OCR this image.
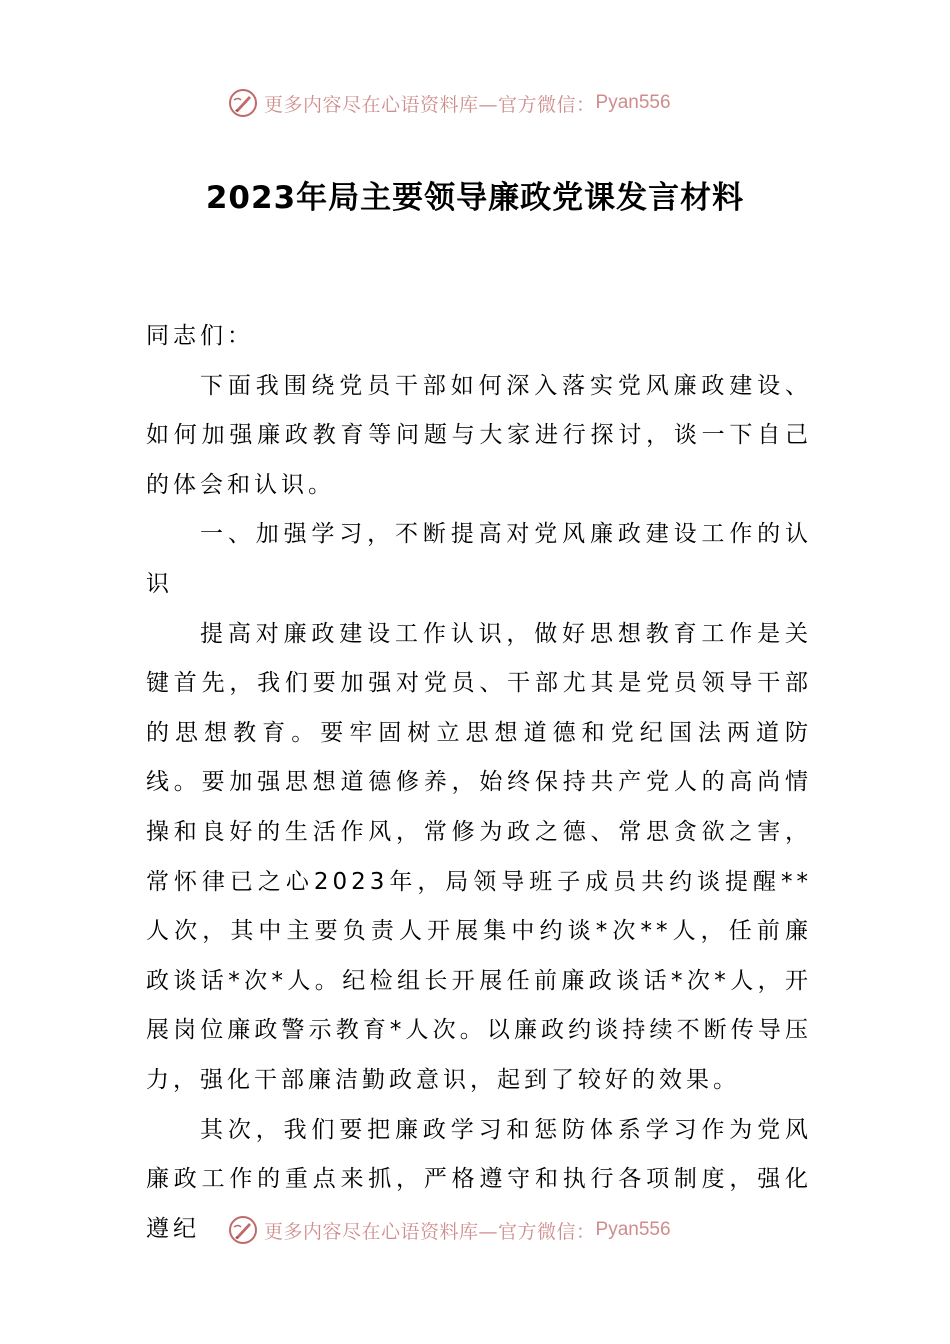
更多内容尽在心语资料库—官方微信： Pyan556
2023年局主要领导廉政党课发言材料

同志们：

下面我围绕党员干部如何深入落实党风廉政建设、如何加强廉政教育等问题与大家进行探讨，谈一下自己的体会和认识。

一、加强学习，不断提高对党风廉政建设工作的认识

提高对廉政建设工作认识，做好思想教育工作是关键首先，我们要加强对党员、干部尤其是党员领导干部的思想教育。要牢固树立思想道德和党纪国法两道防线。要加强思想道德修养，始终保持共产党人的高尚情操和良好的生活作风，常修为政之德、常思贪欲之害，常怀律已之心2023年，局领导班子成员共约谈提醒**人次，其中主要负责人开展集中约谈*次**人，任前廉政谈话*次*人。纪检组长开展任前廉政谈话*次*人，开展岗位廉政警示教育*人次。以廉政约谈持续不断传导压力，强化干部廉洁勤政意识，起到了较好的效果。

其次，我们要把廉政学习和惩防体系学习作为党风廉政工作的重点来抓，严格遵守和执行各项制度，强化遵纪	更多内容尽在心语资料库—官方微信： Pyan556
